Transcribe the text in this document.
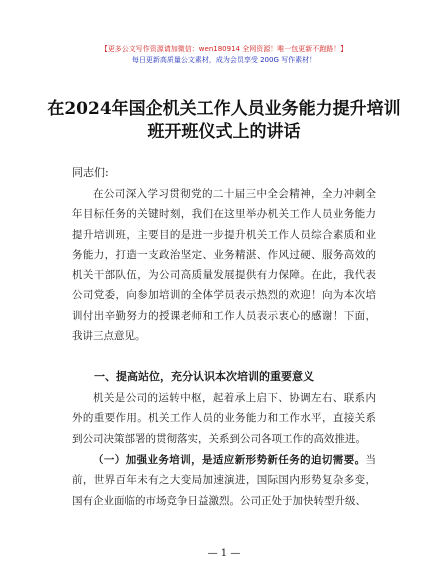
【更多公文写作资源请加微信：wen180914 全网资源！唯一包更新不跑路！】
每日更新高质量公文素材，成为会员享受 200G 写作素材！
在2024年国企机关工作人员业务能力提升培训班开班仪式上的讲话
同志们:
在公司深入学习贯彻党的二十届三中全会精神，全力冲刺全年目标任务的关键时刻，我们在这里举办机关工作人员业务能力提升培训班，主要目的是进一步提升机关工作人员综合素质和业务能力，打造一支政治坚定、业务精湛、作风过硬、服务高效的机关干部队伍，为公司高质量发展提供有力保障。在此，我代表公司党委，向参加培训的全体学员表示热烈的欢迎！向为本次培训付出辛勤努力的授课老师和工作人员表示衷心的感谢！下面，我讲三点意见。
一、提高站位，充分认识本次培训的重要意义
机关是公司的运转中枢，起着承上启下、协调左右、联系内外的重要作用。机关工作人员的业务能力和工作水平，直接关系到公司决策部署的贯彻落实，关系到公司各项工作的高效推进。
（一）加强业务培训，是适应新形势新任务的迫切需要。当前，世界百年未有之大变局加速演进，国际国内形势复杂多变，国有企业面临的市场竞争日益激烈。公司正处于加快转型升级、
— 1 —
